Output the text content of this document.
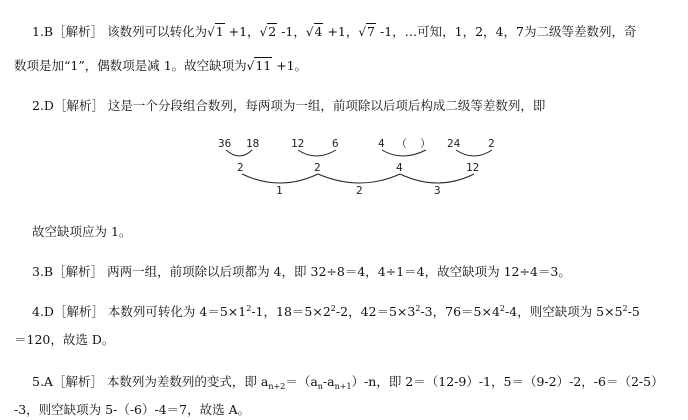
1.B［解析］ 该数列可以转化为√1 +1，√2 -1，√4 +1，√7 -1，…可知，1，2，4，7为二级等差数列，奇
数项是加“1”，偶数项是减 1。故空缺项为√11 +1。
2.D［解析］ 这是一个分段组合数列，每两项为一组，前项除以后项后构成二级等差数列，即
36 18	12	6	4 （ ） 24	2
2	2	4	12
1	2	3
故空缺项应为 1。
3.B［解析］ 两两一组，前项除以后项都为 4，即 32÷8＝4，4÷1＝4，故空缺项为 12÷4＝3。
4.D［解析］ 本数列可转化为 $4=5\times 1^2-1$，$18=5\times 2^2-2$，$42=5\times 3^2-3$，$76=5\times 4^2-4$，则空缺项为 $5\times 5^2-5$
＝120，故选 D。
5.A［解析］ 本数列为差数列的变式，即 $a_{n+2}=(a_n-a_{n+1})-n$，即 2＝（12-9）-1，5＝（9-2）-2，-6＝（2-5）
-3，则空缺项为 5-（-6）-4＝7，故选 A。
